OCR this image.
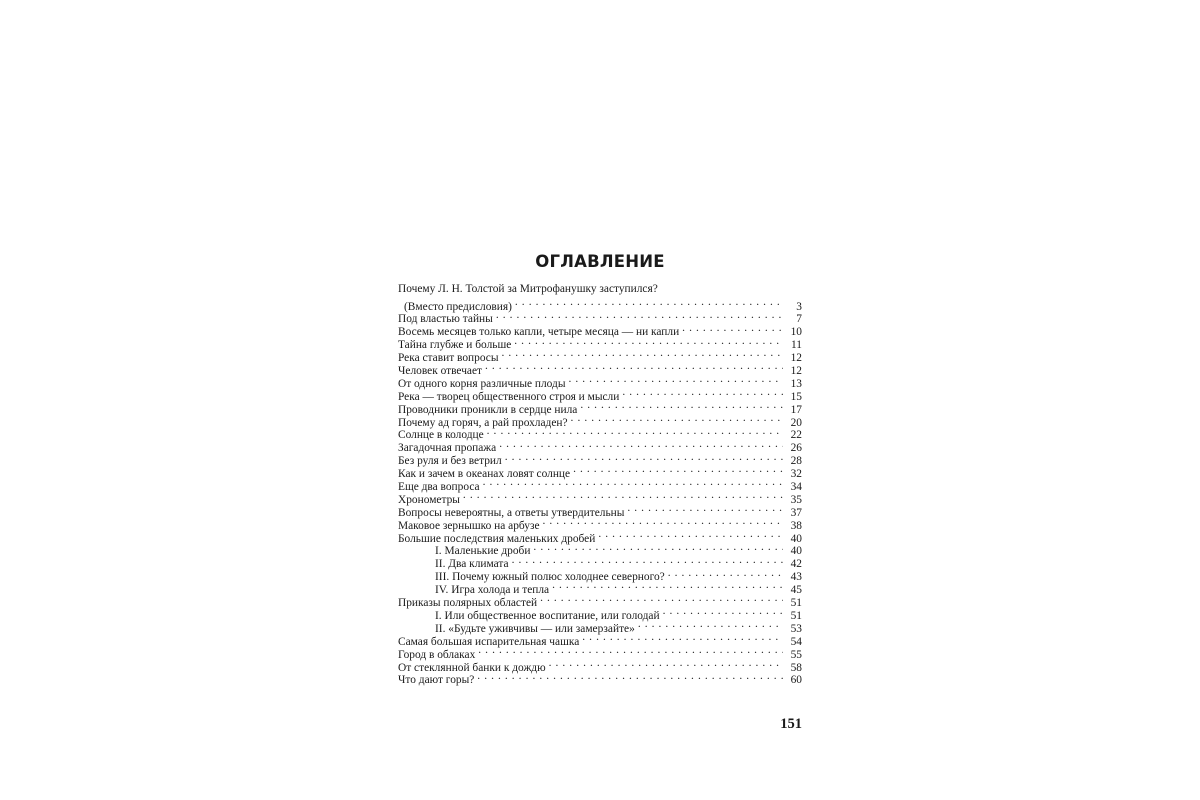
ОГЛАВЛЕНИЕ
Почему Л. Н. Толстой за Митрофанушку заступился?
(Вместо предисловия) . . .	3
Под властью тайны . . .	7
Восемь месяцев только капли, четыре месяца — ни капли . . .	10
Тайна глубже и больше . . .	11
Река ставит вопросы . . .	12
Человек отвечает . . .	12
От одного корня различные плоды . . .	13
Река — творец общественного строя и мысли . . .	15
Проводники проникли в сердце нила . . .	17
Почему ад горяч, а рай прохладен? . . .	20
Солнце в колодце . . .	22
Загадочная пропажа . . .	26
Без руля и без ветрил . . .	28
Как и зачем в океанах ловят солнце . . .	32
Еще два вопроса . . .	34
Хронометры . . .	35
Вопросы невероятны, а ответы утвердительны . . .	37
Маковое зернышко на арбузе . . .	38
Большие последствия маленьких дробей . . .	40
I. Маленькие дроби . . .	40
II. Два климата . . .	42
III. Почему южный полюс холоднее северного? . . .	43
IV. Игра холода и тепла . . .	45
Приказы полярных областей . . .	51
I. Или общественное воспитание, или голодай . . .	51
II. «Будьте уживчивы — или замерзайте» . . .	53
Самая большая испарительная чашка . . .	54
Город в облаках . . .	55
От стеклянной банки к дождю . . .	58
Что дают горы? . . .	60

151
